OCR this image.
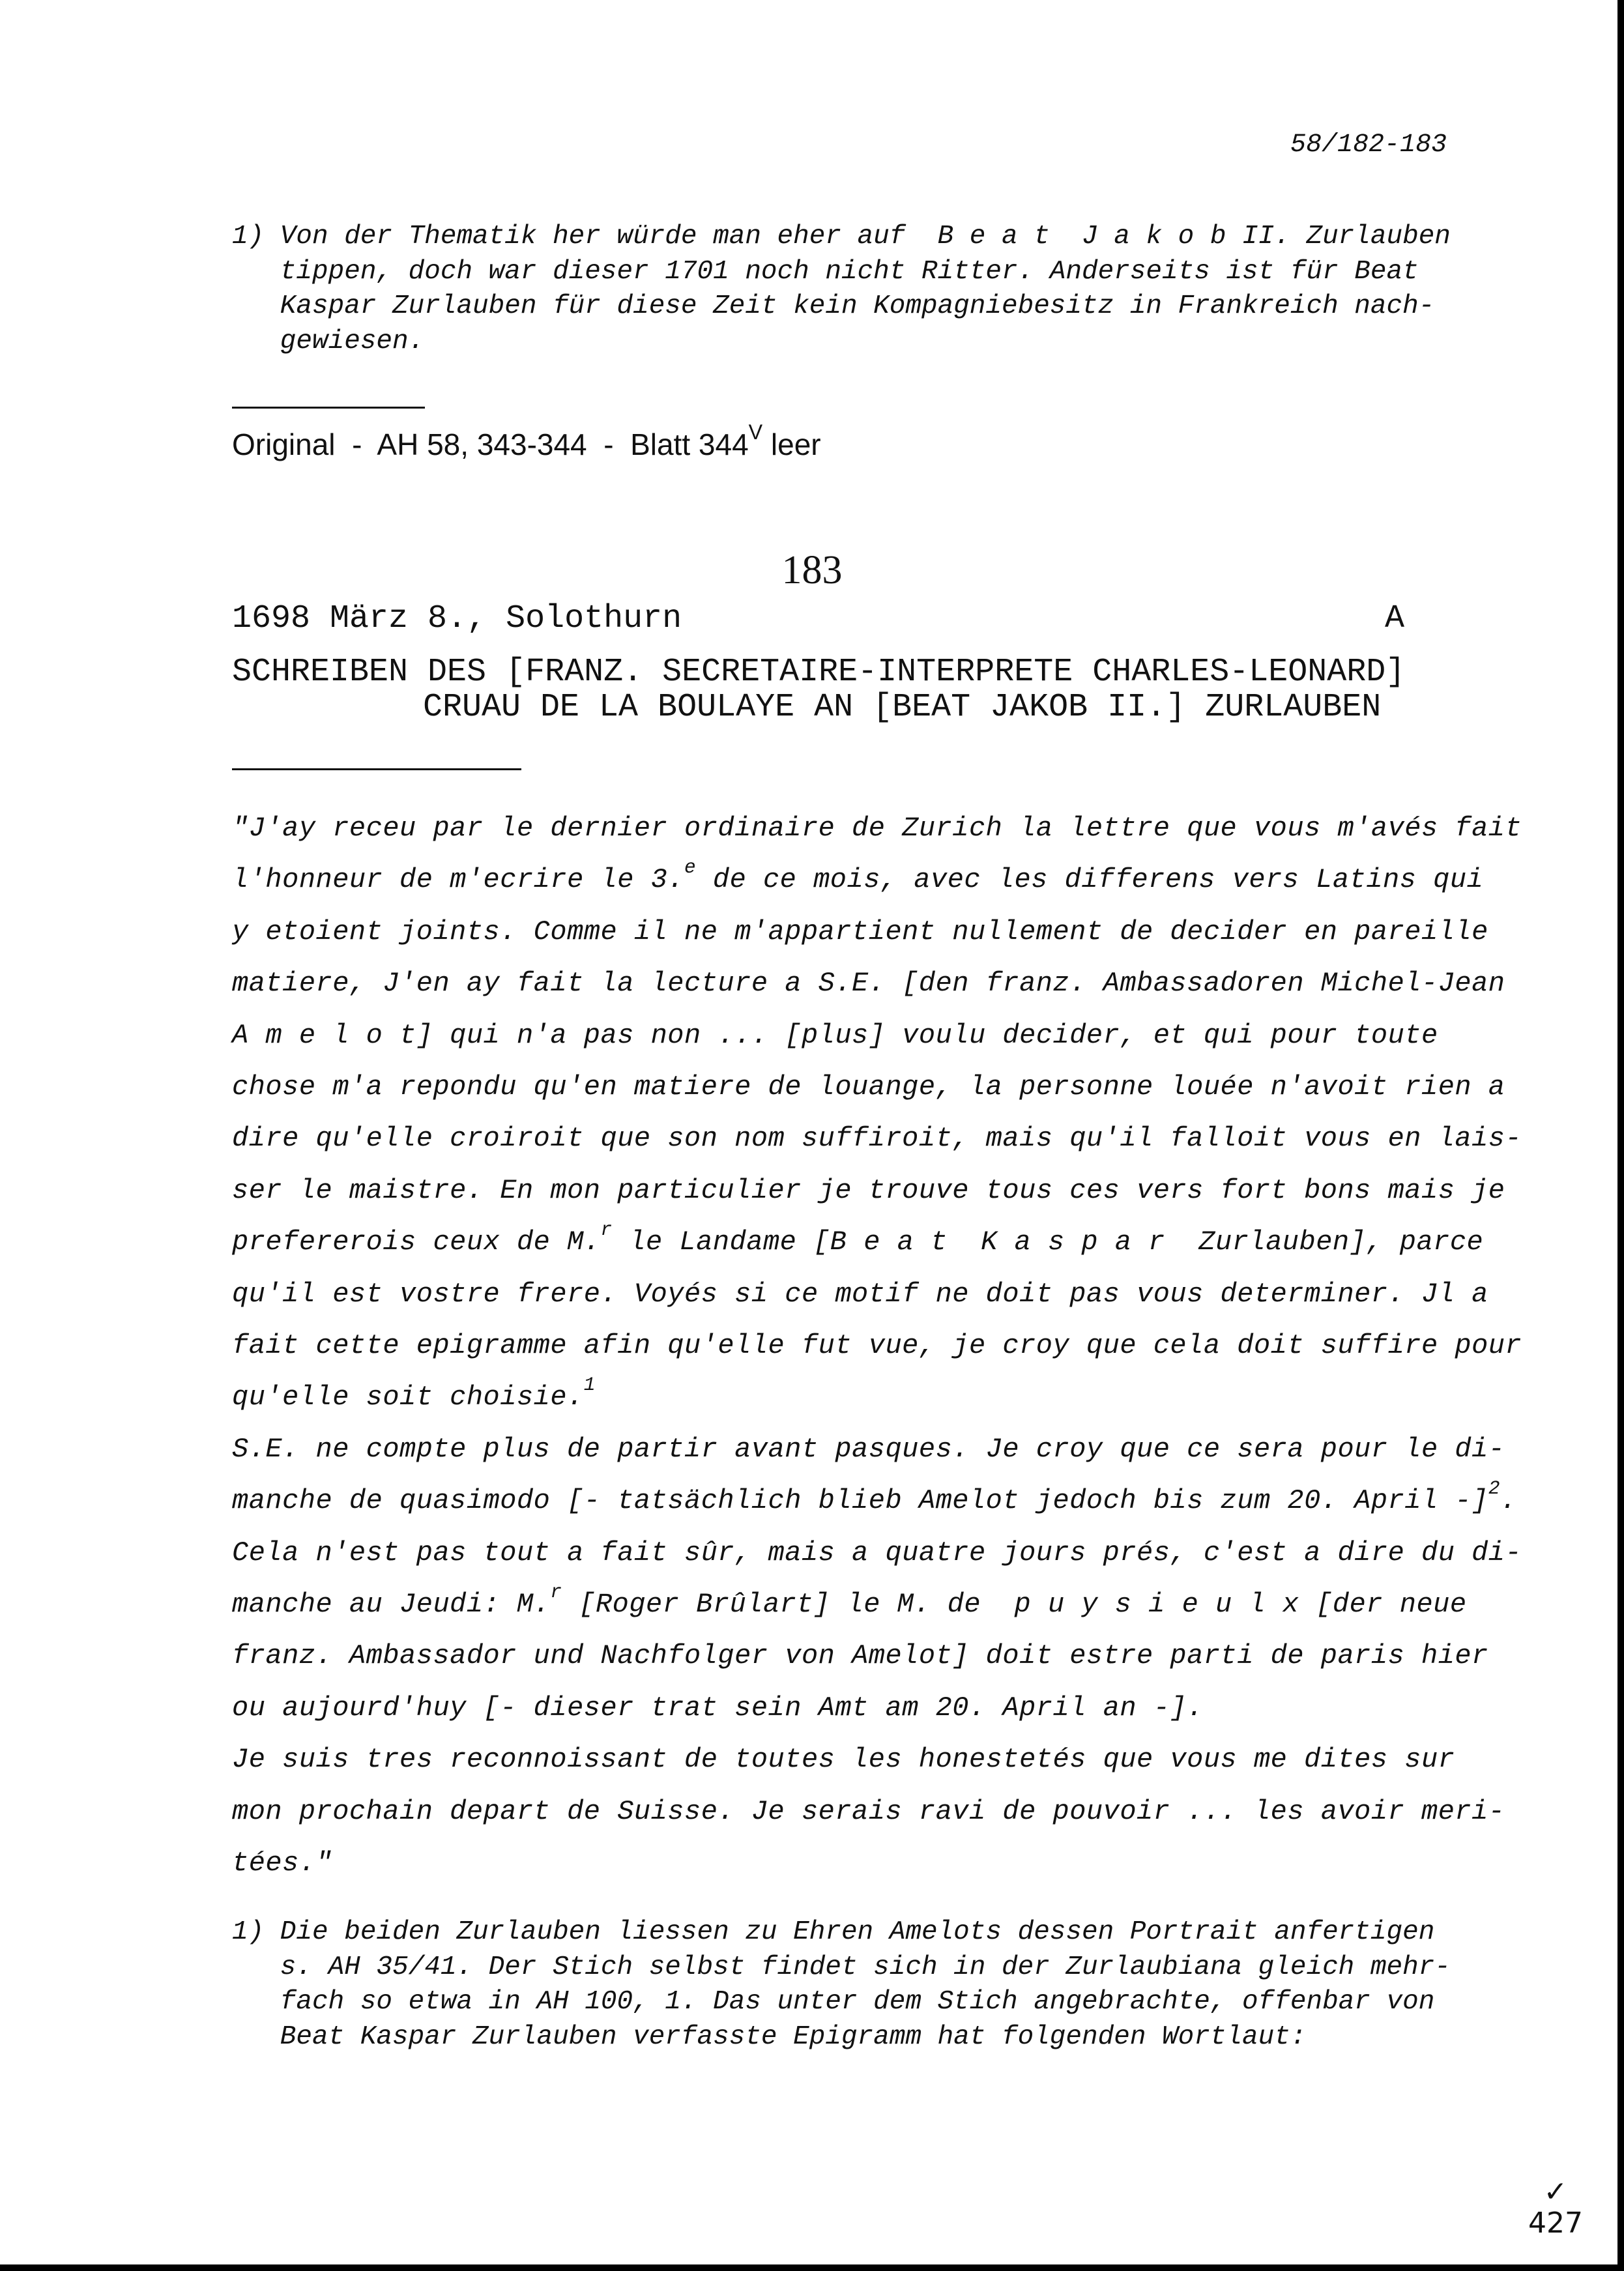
58/182-183
1) Von der Thematik her würde man eher auf  B e a t  J a k o b II. Zurlauben
tippen, doch war dieser 1701 noch nicht Ritter. Anderseits ist für Beat
Kaspar Zurlauben für diese Zeit kein Kompagniebesitz in Frankreich nach-
gewiesen.
Original  -  AH 58, 343-344  -  Blatt $344^V$ leer
183
1698 März 8., Solothurn	A
SCHREIBEN DES [FRANZ. SECRETAIRE-INTERPRETE CHARLES-LEONARD]
CRUAU DE LA BOULAYE AN [BEAT JAKOB II.] ZURLAUBEN
"J'ay receu par le dernier ordinaire de Zurich la lettre que vous m'avés fait
l'honneur de m'ecrire le 3.$^e$ de ce mois, avec les differens vers Latins qui
y etoient joints. Comme il ne m'appartient nullement de decider en pareille
matiere, J'en ay fait la lecture a S.E. [den franz. Ambassadoren Michel-Jean
A m e l o t] qui n'a pas non ... [plus] voulu decider, et qui pour toute
chose m'a repondu qu'en matiere de louange, la personne louée n'avoit rien a
dire qu'elle croiroit que son nom suffiroit, mais qu'il falloit vous en lais-
ser le maistre. En mon particulier je trouve tous ces vers fort bons mais je
prefererois ceux de M.$^r$ le Landame [B e a t  K a s p a r  Zurlauben], parce
qu'il est vostre frere. Voyés si ce motif ne doit pas vous determiner. Jl a
fait cette epigramme afin qu'elle fut vue, je croy que cela doit suffire pour
qu'elle soit choisie.$^1$
S.E. ne compte plus de partir avant pasques. Je croy que ce sera pour le di-
manche de quasimodo [- tatsächlich blieb Amelot jedoch bis zum 20. April -]$^2$.
Cela n'est pas tout a fait sûr, mais a quatre jours prés, c'est a dire du di-
manche au Jeudi: M.$^r$ [Roger Brûlart] le M. de  p u y s i e u l x [der neue
franz. Ambassador und Nachfolger von Amelot] doit estre parti de paris hier
ou aujourd'huy [- dieser trat sein Amt am 20. April an -].
Je suis tres reconnoissant de toutes les honestetés que vous me dites sur
mon prochain depart de Suisse. Je serais ravi de pouvoir ... les avoir meri-
tées."
1) Die beiden Zurlauben liessen zu Ehren Amelots dessen Portrait anfertigen
s. AH 35/41. Der Stich selbst findet sich in der Zurlaubiana gleich mehr-
fach so etwa in AH 100, 1. Das unter dem Stich angebrachte, offenbar von
Beat Kaspar Zurlauben verfasste Epigramm hat folgenden Wortlaut:
✓
427
